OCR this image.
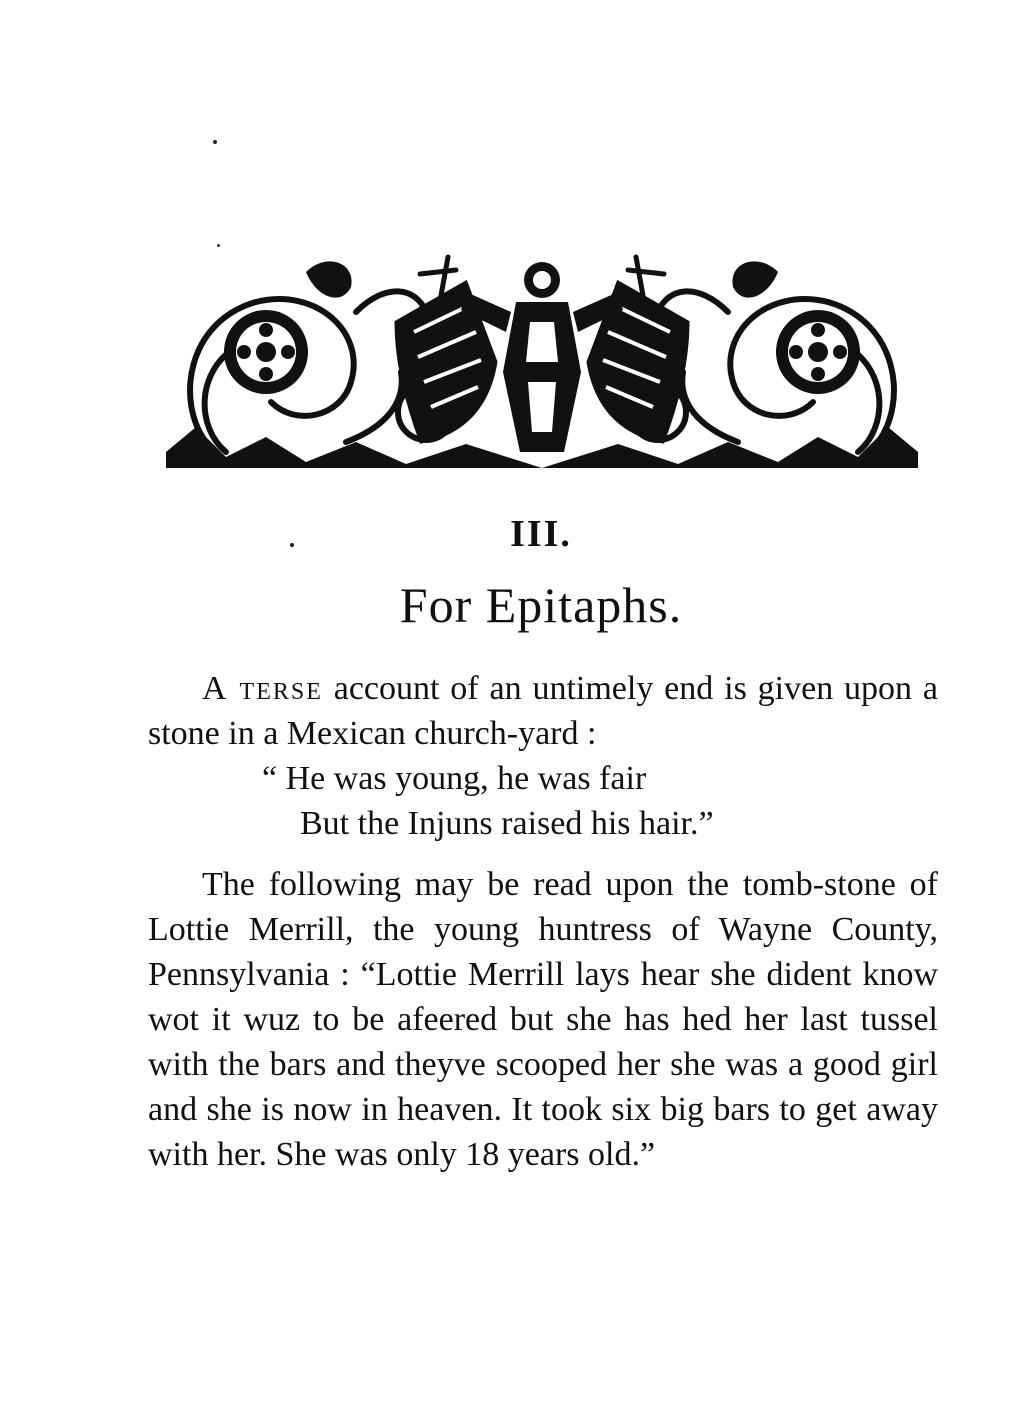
III.
For Epitaphs.
A terse account of an untimely end is given upon a stone in a Mexican church-yard :
“ He was young, he was fair
But the Injuns raised his hair.”
The following may be read upon the tomb-stone of Lottie Merrill, the young huntress of Wayne County, Pennsylvania : “Lottie Merrill lays hear she dident know wot it wuz to be afeered but she has hed her last tussel with the bars and theyve scooped her she was a good girl and she is now in heaven. It took six big bars to get away with her. She was only 18 years old.”
